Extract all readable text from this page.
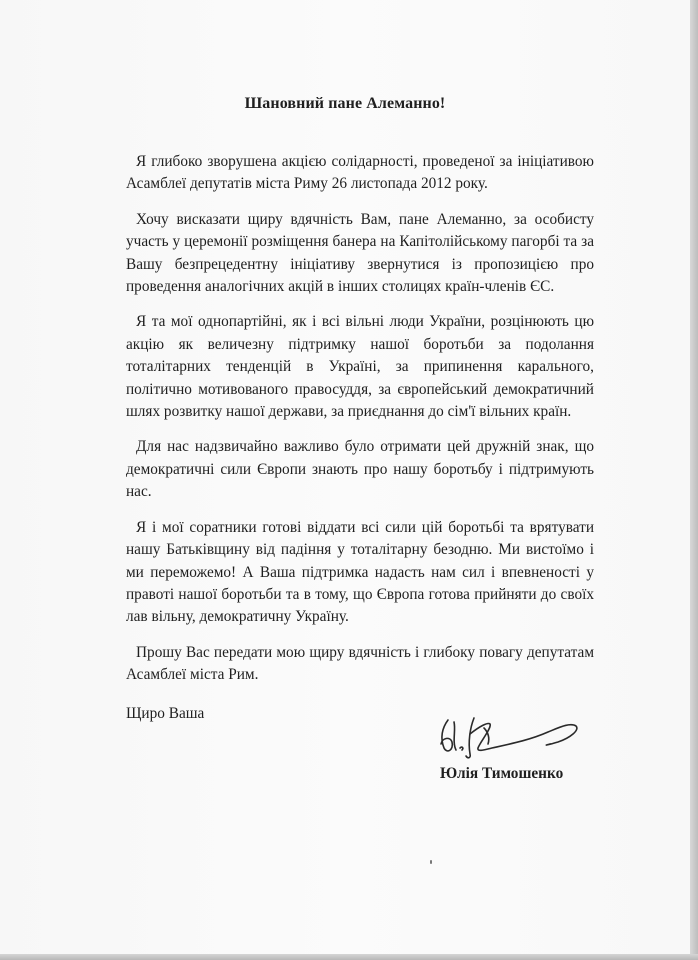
Шановний пане Алеманно!

Я глибоко зворушена акцією солідарності, проведеної за ініціативою Асамблеї депутатів міста Риму 26 листопада 2012 року.

Хочу висказати щиру вдячність Вам, пане Алеманно, за особисту участь у церемонії розміщення банера на Капітолійському пагорбі та за Вашу безпрецедентну ініціативу звернутися із пропозицією про проведення аналогічних акцій в інших столицях країн-членів ЄС.

Я та мої однопартійні, як і всі вільні люди України, розцінюють цю акцію як величезну підтримку нашої боротьби за подолання тоталітарних тенденцій в Україні, за припинення карального, політично мотивованого правосуддя, за європейський демократичний шлях розвитку нашої держави, за приєднання до сім'ї вільних країн.

Для нас надзвичайно важливо було отримати цей дружній знак, що демократичні сили Європи знають про нашу боротьбу і підтримують нас.

Я і мої соратники готові віддати всі сили цій боротьбі та врятувати нашу Батьківщину від падіння у тоталітарну безодню. Ми вистоїмо і ми переможемо! А Ваша підтримка надасть нам сил і впевненості у правоті нашої боротьби та в тому, що Європа готова прийняти до своїх лав вільну, демократичну Україну.

Прошу Вас передати мою щиру вдячність і глибоку повагу депутатам Асамблеї міста Рим.

Щиро Ваша
Юлія Тимошенко
